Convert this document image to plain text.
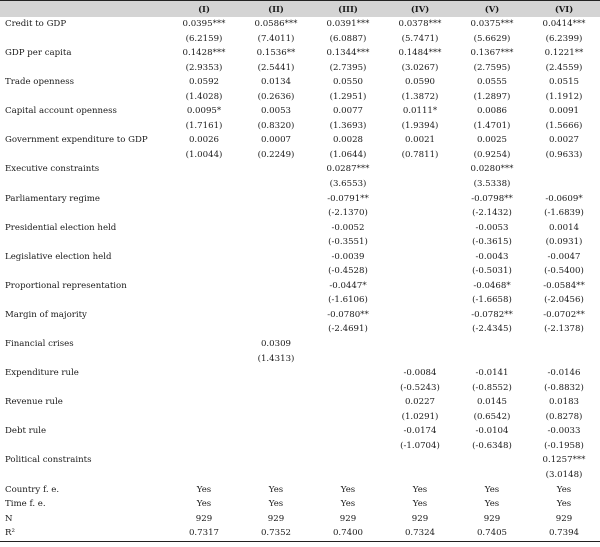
	(I)	(II)	(III)	(IV)	(V)	(VI)
Credit to GDP	0.0395***	0.0586***	0.0391***	0.0378***	0.0375***	0.0414***
	(6.2159)	(7.4011)	(6.0887)	(5.7471)	(5.6629)	(6.2399)
GDP per capita	0.1428***	0.1536**	0.1344***	0.1484***	0.1367***	0.1221**
	(2.9353)	(2.5441)	(2.7395)	(3.0267)	(2.7595)	(2.4559)
Trade openness	0.0592	0.0134	0.0550	0.0590	0.0555	0.0515
	(1.4028)	(0.2636)	(1.2951)	(1.3872)	(1.2897)	(1.1912)
Capital account openness	0.0095*	0.0053	0.0077	0.0111*	0.0086	0.0091
	(1.7161)	(0.8320)	(1.3693)	(1.9394)	(1.4701)	(1.5666)
Government expenditure to GDP	0.0026	0.0007	0.0028	0.0021	0.0025	0.0027
	(1.0044)	(0.2249)	(1.0644)	(0.7811)	(0.9254)	(0.9633)
Executive constraints			0.0287***		0.0280***	
			(3.6553)		(3.5338)	
Parliamentary regime			-0.0791**		-0.0798**	-0.0609*
			(-2.1370)		(-2.1432)	(-1.6839)
Presidential election held			-0.0052		-0.0053	0.0014
			(-0.3551)		(-0.3615)	(0.0931)
Legislative election held			-0.0039		-0.0043	-0.0047
			(-0.4528)		(-0.5031)	(-0.5400)
Proportional representation			-0.0447*		-0.0468*	-0.0584**
			(-1.6106)		(-1.6658)	(-2.0456)
Margin of majority			-0.0780**		-0.0782**	-0.0702**
			(-2.4691)		(-2.4345)	(-2.1378)
Financial crises		0.0309				
		(1.4313)				
Expenditure rule				-0.0084	-0.0141	-0.0146
				(-0.5243)	(-0.8552)	(-0.8832)
Revenue rule				0.0227	0.0145	0.0183
				(1.0291)	(0.6542)	(0.8278)
Debt rule				-0.0174	-0.0104	-0.0033
				(-1.0704)	(-0.6348)	(-0.1958)
Political constraints						0.1257***
						(3.0148)
Country f. e.	Yes	Yes	Yes	Yes	Yes	Yes
Time f. e.	Yes	Yes	Yes	Yes	Yes	Yes
N	929	929	929	929	929	929
R²	0.7317	0.7352	0.7400	0.7324	0.7405	0.7394
